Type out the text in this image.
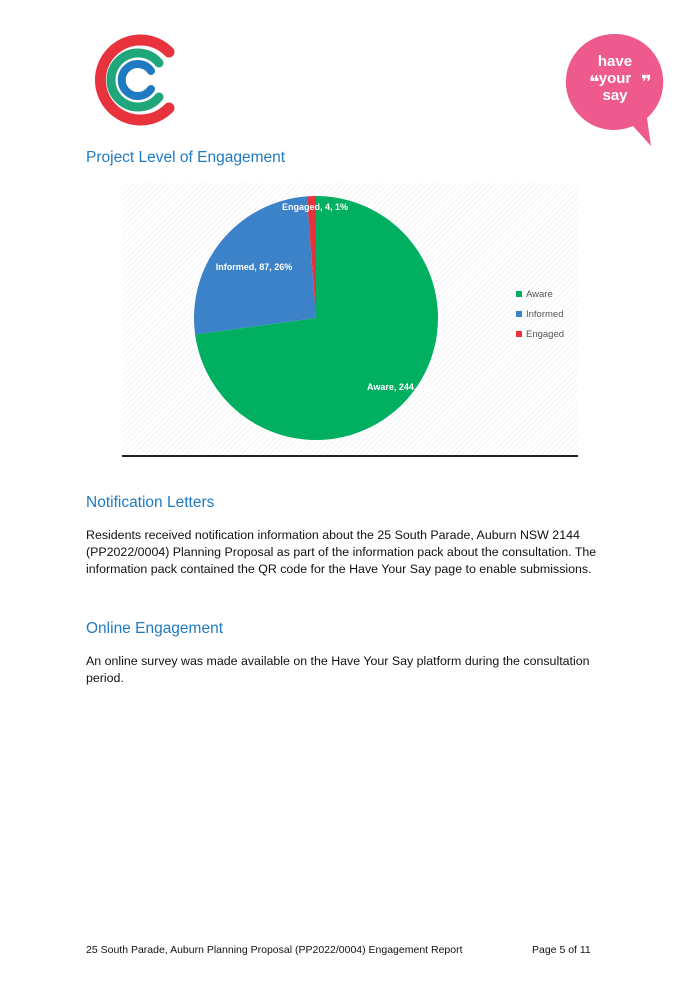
❝ ❞
have
your
say
Project Level of Engagement
Aware, 244, 73%
Informed, 87, 26%
Engaged, 4, 1%
Aware
Informed
Engaged
Notification Letters

Residents received notification information about the 25 South Parade, Auburn NSW 2144 (PP2022/0004) Planning Proposal as part of the information pack about the consultation. The information pack contained the QR code for the Have Your Say page to enable submissions.

Online Engagement

An online survey was made available on the Have Your Say platform during the consultation period.

25 South Parade, Auburn Planning Proposal (PP2022/0004) Engagement Report	Page 5 of 11
